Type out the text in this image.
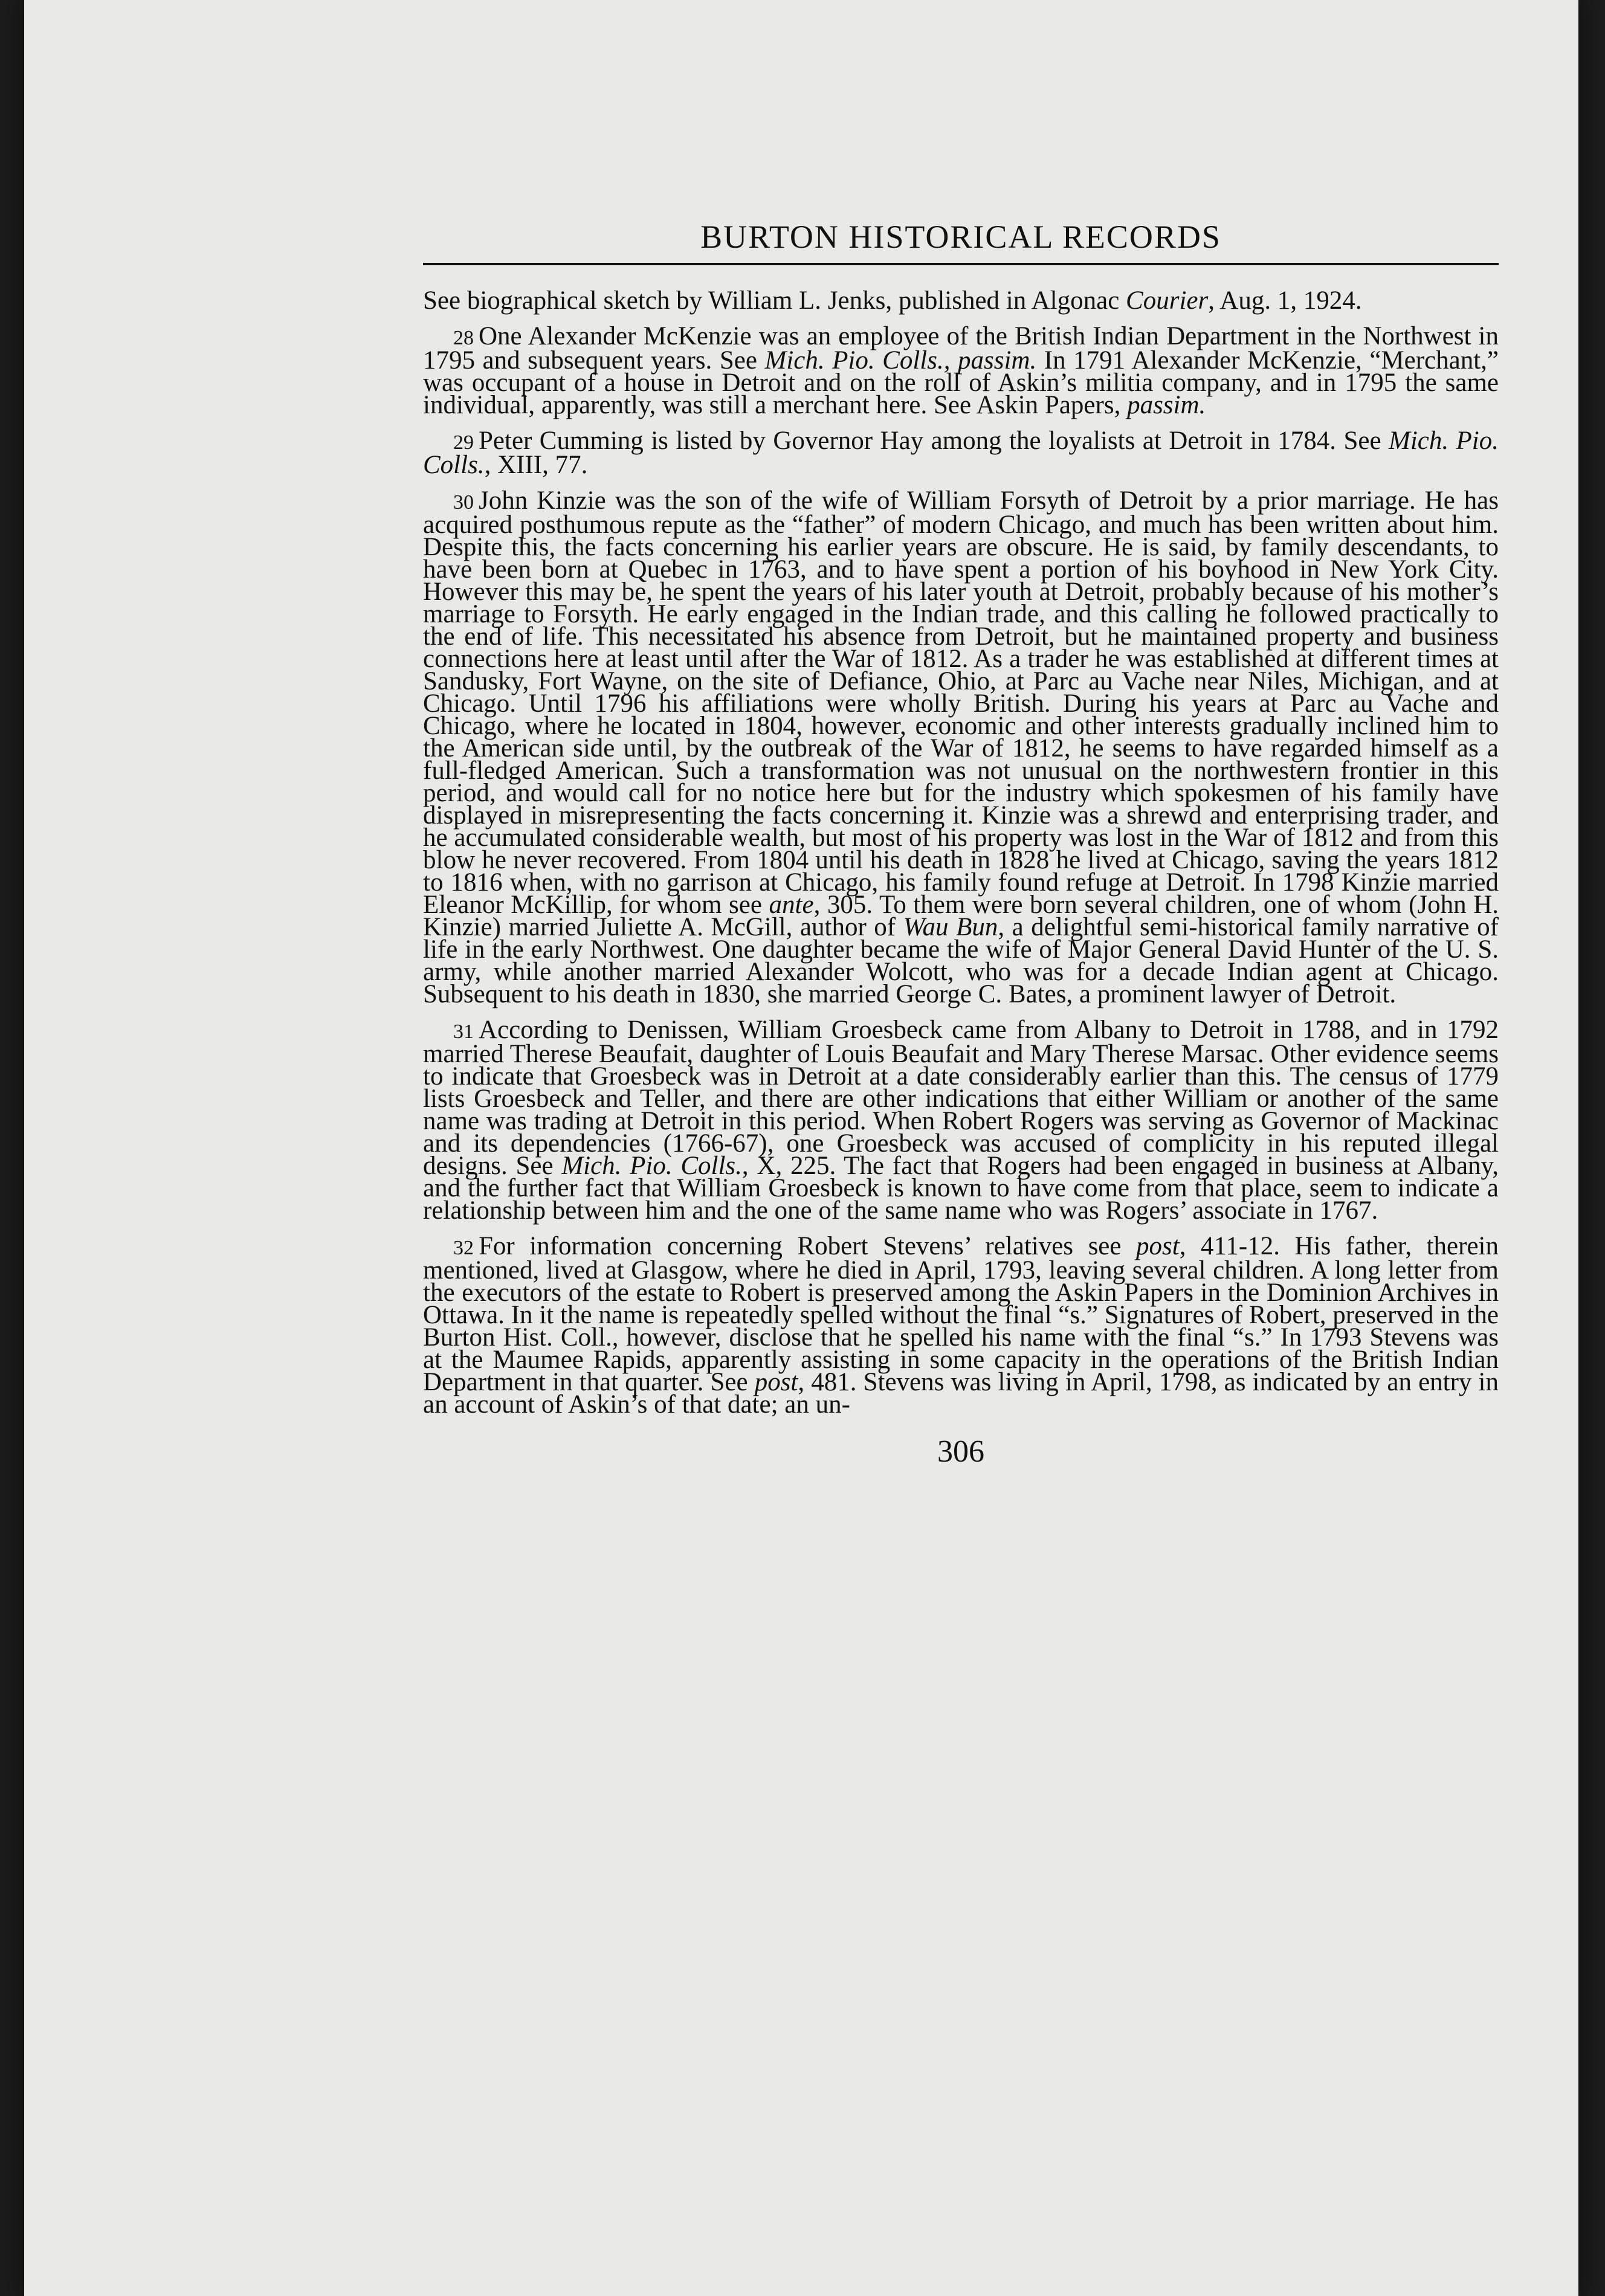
BURTON HISTORICAL RECORDS

See biographical sketch by William L. Jenks, published in Algonac Courier, Aug. 1, 1924.

28 One Alexander McKenzie was an employee of the British Indian Department in the Northwest in 1795 and subsequent years. See Mich. Pio. Colls., passim. In 1791 Alexander McKenzie, “Merchant,” was occupant of a house in Detroit and on the roll of Askin’s militia company, and in 1795 the same individual, apparently, was still a merchant here. See Askin Papers, passim.

29 Peter Cumming is listed by Governor Hay among the loyalists at Detroit in 1784. See Mich. Pio. Colls., XIII, 77.

30 John Kinzie was the son of the wife of William Forsyth of Detroit by a prior marriage. He has acquired posthumous repute as the “father” of modern Chicago, and much has been written about him. Despite this, the facts concerning his earlier years are obscure. He is said, by family descendants, to have been born at Quebec in 1763, and to have spent a portion of his boyhood in New York City. However this may be, he spent the years of his later youth at Detroit, probably because of his mother’s marriage to Forsyth. He early engaged in the Indian trade, and this calling he followed practically to the end of life. This necessitated his absence from Detroit, but he maintained property and business connections here at least until after the War of 1812. As a trader he was established at different times at Sandusky, Fort Wayne, on the site of Defiance, Ohio, at Parc au Vache near Niles, Michigan, and at Chicago. Until 1796 his affiliations were wholly British. During his years at Parc au Vache and Chicago, where he located in 1804, however, economic and other interests gradually inclined him to the American side until, by the outbreak of the War of 1812, he seems to have regarded himself as a full-fledged American. Such a transformation was not unusual on the northwestern frontier in this period, and would call for no notice here but for the industry which spokesmen of his family have displayed in misrepresenting the facts concerning it. Kinzie was a shrewd and enterprising trader, and he accumulated considerable wealth, but most of his property was lost in the War of 1812 and from this blow he never recovered. From 1804 until his death in 1828 he lived at Chicago, saving the years 1812 to 1816 when, with no garrison at Chicago, his family found refuge at Detroit. In 1798 Kinzie married Eleanor McKillip, for whom see ante, 305. To them were born several children, one of whom (John H. Kinzie) married Juliette A. McGill, author of Wau Bun, a delightful semi-historical family narrative of life in the early Northwest. One daughter became the wife of Major General David Hunter of the U. S. army, while another married Alexander Wolcott, who was for a decade Indian agent at Chicago. Subsequent to his death in 1830, she married George C. Bates, a prominent lawyer of Detroit.

31 According to Denissen, William Groesbeck came from Albany to Detroit in 1788, and in 1792 married Therese Beaufait, daughter of Louis Beaufait and Mary Therese Marsac. Other evidence seems to indicate that Groesbeck was in Detroit at a date considerably earlier than this. The census of 1779 lists Groesbeck and Teller, and there are other indications that either William or another of the same name was trading at Detroit in this period. When Robert Rogers was serving as Governor of Mackinac and its dependencies (1766-67), one Groesbeck was accused of complicity in his reputed illegal designs. See Mich. Pio. Colls., X, 225. The fact that Rogers had been engaged in business at Albany, and the further fact that William Groesbeck is known to have come from that place, seem to indicate a relationship between him and the one of the same name who was Rogers’ associate in 1767.

32 For information concerning Robert Stevens’ relatives see post, 411-12. His father, therein mentioned, lived at Glasgow, where he died in April, 1793, leaving several children. A long letter from the executors of the estate to Robert is preserved among the Askin Papers in the Dominion Archives in Ottawa. In it the name is repeatedly spelled without the final “s.” Signatures of Robert, preserved in the Burton Hist. Coll., however, disclose that he spelled his name with the final “s.” In 1793 Stevens was at the Maumee Rapids, apparently assisting in some capacity in the operations of the British Indian Department in that quarter. See post, 481. Stevens was living in April, 1798, as indicated by an entry in an account of Askin’s of that date; an un-

306
